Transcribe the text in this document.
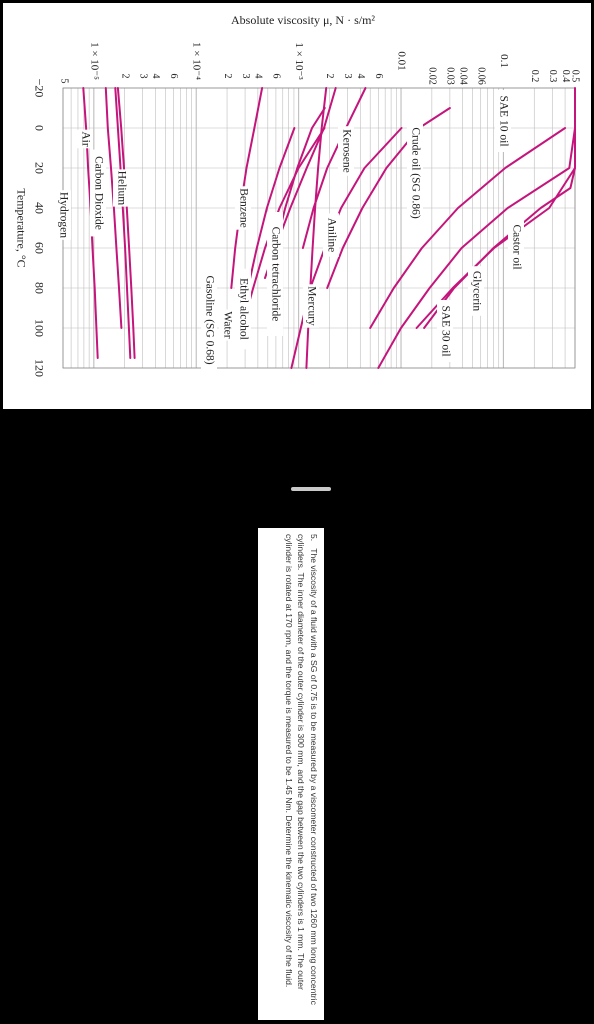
−20
0
20
40
60
80
100
120
Temperature, °C
Absolute viscosity μ, N · s/m²
1 × 10⁻⁵ 2 3 4 6 1 × 10⁻⁴ 2 3 4 6 1 × 10⁻³ 2 3 4 6
0.01
0.02 0.03 0.04 0.06
0.1
0.2 0.3 0.4
0.5
5
Castor oil
SAE 10 oil
Glycerin
SAE 30 oil
Crude oil (SG 0.86)
Kerosene
Aniline
Mercury
Benzene
Carbon tetrachloride
Ethyl alcohol
Water
Gasoline (SG 0.68)
Carbon Dioxide Helium
Air
Hydrogen
5. The viscosity of a fluid with a SG of 0.75 is to be measured by a viscometer constructed of two 1260 mm long concentric cylinders. The inner diameter of the outer cylinder is 300 mm, and the gap between the two cylinders is 1 mm. The outer cylinder is rotated at 170 rpm, and the torque is measured to be 1.45 Nm. Determine the kinematic viscosity of the fluid.
